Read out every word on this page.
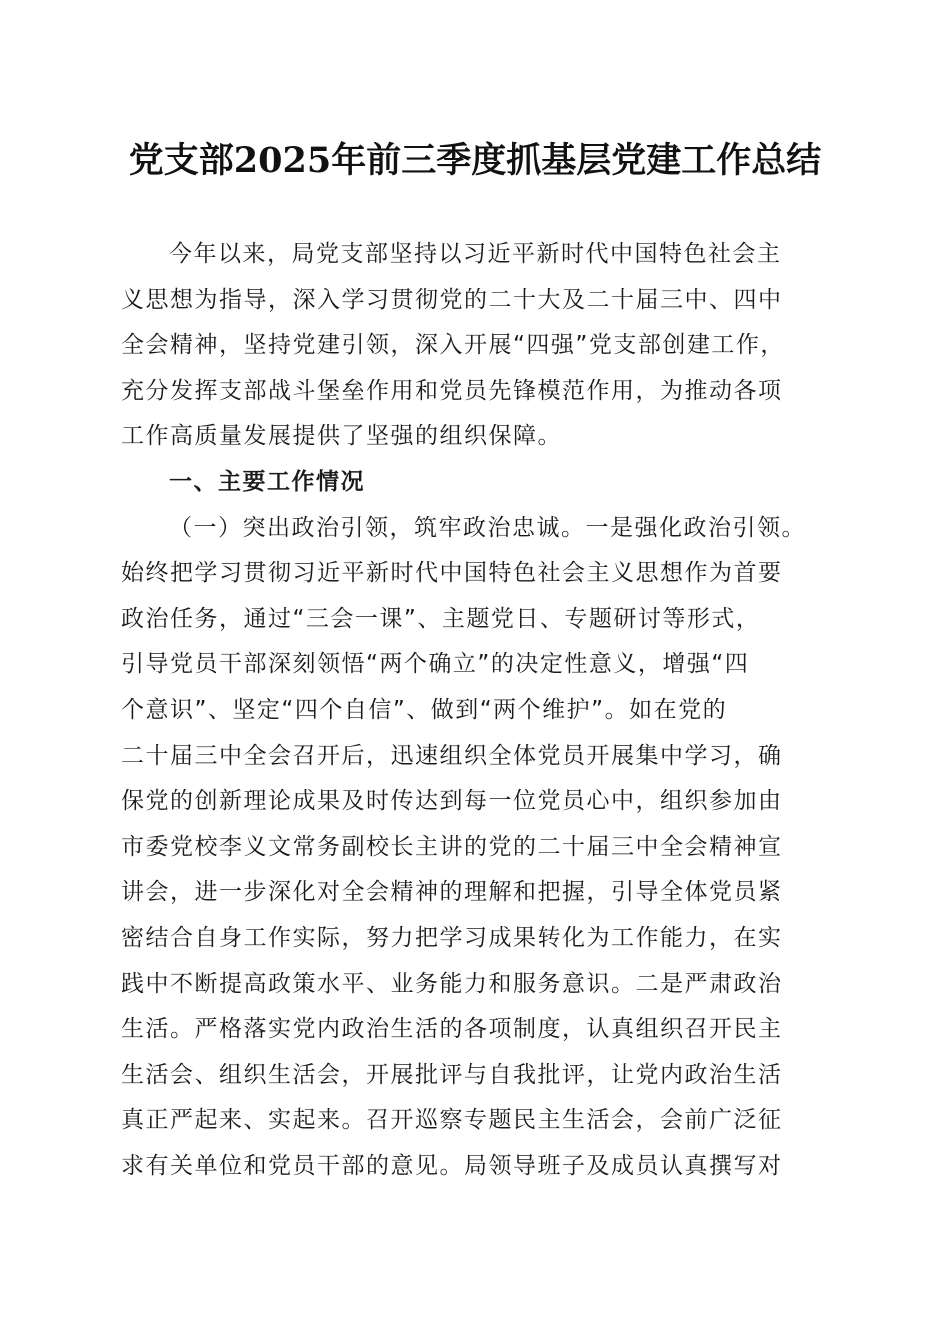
党支部2025年前三季度抓基层党建工作总结
今年以来，局党支部坚持以习近平新时代中国特色社会主
义思想为指导，深入学习贯彻党的二十大及二十届三中、四中
全会精神，坚持党建引领，深入开展“四强”党支部创建工作，
充分发挥支部战斗堡垒作用和党员先锋模范作用，为推动各项
工作高质量发展提供了坚强的组织保障。
一、主要工作情况
（一）突出政治引领，筑牢政治忠诚。一是强化政治引领。
始终把学习贯彻习近平新时代中国特色社会主义思想作为首要
政治任务，通过“三会一课”、主题党日、专题研讨等形式，
引导党员干部深刻领悟“两个确立”的决定性意义，增强“四
个意识”、坚定“四个自信”、做到“两个维护”。如在党的
二十届三中全会召开后，迅速组织全体党员开展集中学习，确
保党的创新理论成果及时传达到每一位党员心中，组织参加由
市委党校李义文常务副校长主讲的党的二十届三中全会精神宣
讲会，进一步深化对全会精神的理解和把握，引导全体党员紧
密结合自身工作实际，努力把学习成果转化为工作能力，在实
践中不断提高政策水平、业务能力和服务意识。二是严肃政治
生活。严格落实党内政治生活的各项制度，认真组织召开民主
生活会、组织生活会，开展批评与自我批评，让党内政治生活
真正严起来、实起来。召开巡察专题民主生活会，会前广泛征
求有关单位和党员干部的意见。局领导班子及成员认真撰写对
